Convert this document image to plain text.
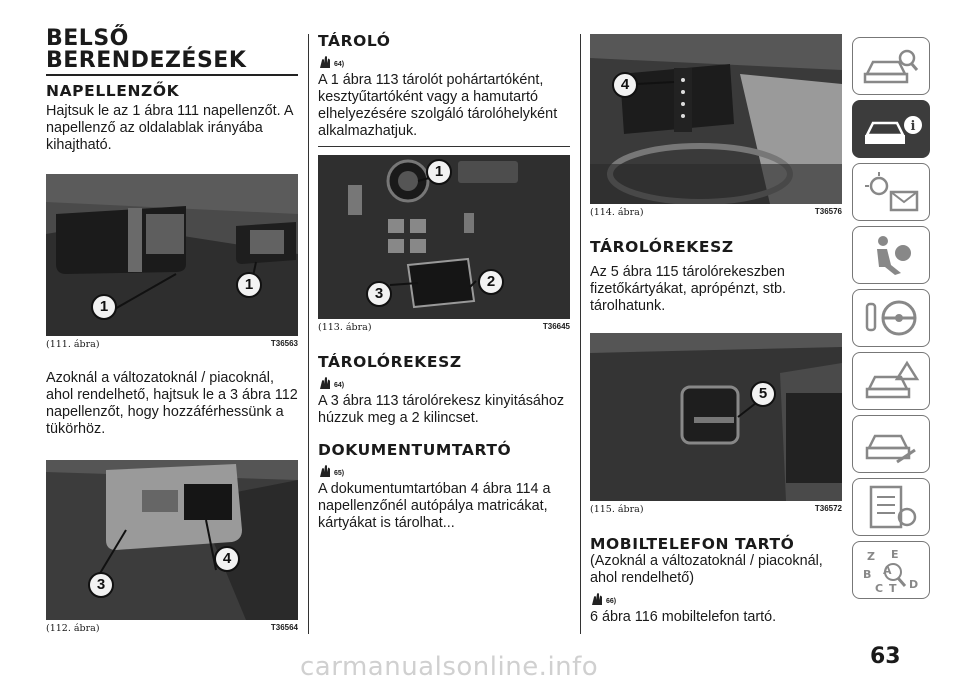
BELSŐ BERENDEZÉSEK
NAPELLENZŐK

Hajtsuk le az 1 ábra 111 napellenzőt. A napellenző az oldalablak irányába kihajtható.

1
1
(111. ábra)	T36563

Azoknál a változatoknál / piacoknál, ahol rendelhető, hajtsuk le a 3 ábra 112 napellenzőt, hogy hozzáférhessünk a tükörhöz.

3
4
(112. ábra)	T36564
TÁROLÓ
64)

A 1 ábra 113 tárolót pohártartóként, kesztyűtartóként vagy a hamutartó elhelyezésére szolgáló tárolóhelyként alkalmazhatjuk.

1
3
2
(113. ábra)	T36645
TÁROLÓREKESZ
64)

A 3 ábra 113 tárolórekesz kinyitásához húzzuk meg a 2 kilincset.

DOKUMENTUMTARTÓ
65)

A dokumentumtartóban 4 ábra 114 a napellenzőnél autópálya matricákat, kártyákat is tárolhat...

4
(114. ábra)	T36576
TÁROLÓREKESZ

Az 5 ábra 115 tárolórekeszben fizetőkártyákat, aprópénzt, stb. tárolhatunk.

5
(115. ábra)	T36572
MOBILTELEFON TARTÓ

(Azoknál a változatoknál / piacoknál, ahol rendelhető)

66)

6 ábra 116 mobiltelefon tartó.

i
Z E
B A
C T D
63
carmanualsonline.info
